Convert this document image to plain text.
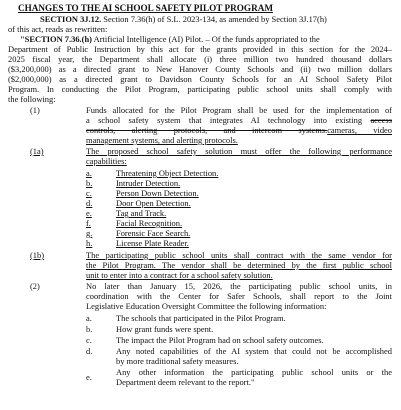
CHANGES TO THE AI SCHOOL SAFETY PILOT PROGRAM
SECTION 3J.12. Section 7.36(h) of S.L. 2023-134, as amended by Section 3J.17(h)
of this act, reads as rewritten:
"SECTION 7.36.(h) Artificial Intelligence (AI) Pilot. – Of the funds appropriated to the
Department of Public Instruction by this act for the grants provided in this section for the 2024–
2025 fiscal year, the Department shall allocate (i) three million two hundred thousand dollars
($3,200,000) as a directed grant to New Hanover County Schools and (ii) two million dollars
($2,000,000) as a directed grant to Davidson County Schools for an AI School Safety Pilot
Program. In conducting the Pilot Program, participating public school units shall comply with
the following:
(1)	Funds allocated for the Pilot Program shall be used for the implementation of
a school safety system that integrates AI technology into existing access
controls, alerting protocols, and intercom systems.cameras, video
management systems, and alerting protocols.
(1a)	The proposed school safety solution must offer the following performance
capabilities:
a.	Threatening Object Detection.
b.	Intruder Detection.
c.	Person Down Detection.
d.	Door Open Detection.
e.	Tag and Track.
f.	Facial Recognition.
g.	Forensic Face Search.
h.	License Plate Reader.
(1b)	The participating public school units shall contract with the same vendor for
the Pilot Program. The vendor shall be determined by the first public school
unit to enter into a contract for a school safety solution.
(2)	No later than January 15, 2026, the participating public school units, in
coordination with the Center for Safer Schools, shall report to the Joint
Legislative Education Oversight Committee the following information:
a.	The schools that participated in the Pilot Program.
b.	How grant funds were spent.
c.	The impact the Pilot Program had on school safety outcomes.
d.	Any noted capabilities of the AI system that could not be accomplished
by more traditional safety measures.
e.	Any other information the participating public school units or the
Department deem relevant to the report."
